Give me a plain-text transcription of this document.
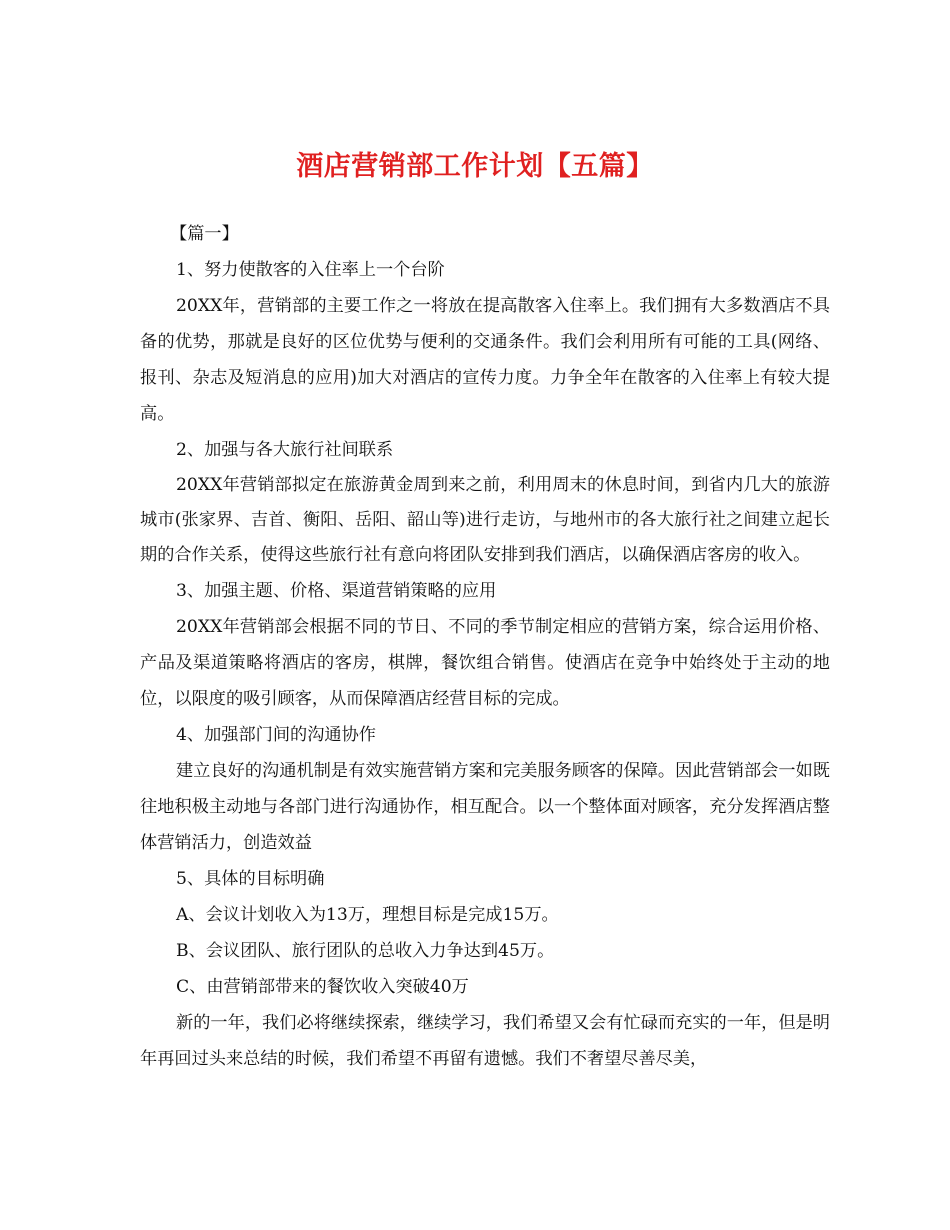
酒店营销部工作计划【五篇】
【篇一】
1、努力使散客的入住率上一个台阶

20XX年，营销部的主要工作之一将放在提高散客入住率上。我们拥有大多数酒店不具备的优势，那就是良好的区位优势与便利的交通条件。我们会利用所有可能的工具(网络、报刊、杂志及短消息的应用)加大对酒店的宣传力度。力争全年在散客的入住率上有较大提高。

2、加强与各大旅行社间联系

20XX年营销部拟定在旅游黄金周到来之前，利用周末的休息时间，到省内几大的旅游城市(张家界、吉首、衡阳、岳阳、韶山等)进行走访，与地州市的各大旅行社之间建立起长期的合作关系，使得这些旅行社有意向将团队安排到我们酒店，以确保酒店客房的收入。

3、加强主题、价格、渠道营销策略的应用

20XX年营销部会根据不同的节日、不同的季节制定相应的营销方案，综合运用价格、产品及渠道策略将酒店的客房，棋牌，餐饮组合销售。使酒店在竞争中始终处于主动的地位，以限度的吸引顾客，从而保障酒店经营目标的完成。

4、加强部门间的沟通协作

建立良好的沟通机制是有效实施营销方案和完美服务顾客的保障。因此营销部会一如既往地积极主动地与各部门进行沟通协作，相互配合。以一个整体面对顾客，充分发挥酒店整体营销活力，创造效益

5、具体的目标明确
A、会议计划收入为13万，理想目标是完成15万。
B、会议团队、旅行团队的总收入力争达到45万。
C、由营销部带来的餐饮收入突破40万

新的一年，我们必将继续探索，继续学习，我们希望又会有忙碌而充实的一年，但是明年再回过头来总结的时候，我们希望不再留有遗憾。我们不奢望尽善尽美，
